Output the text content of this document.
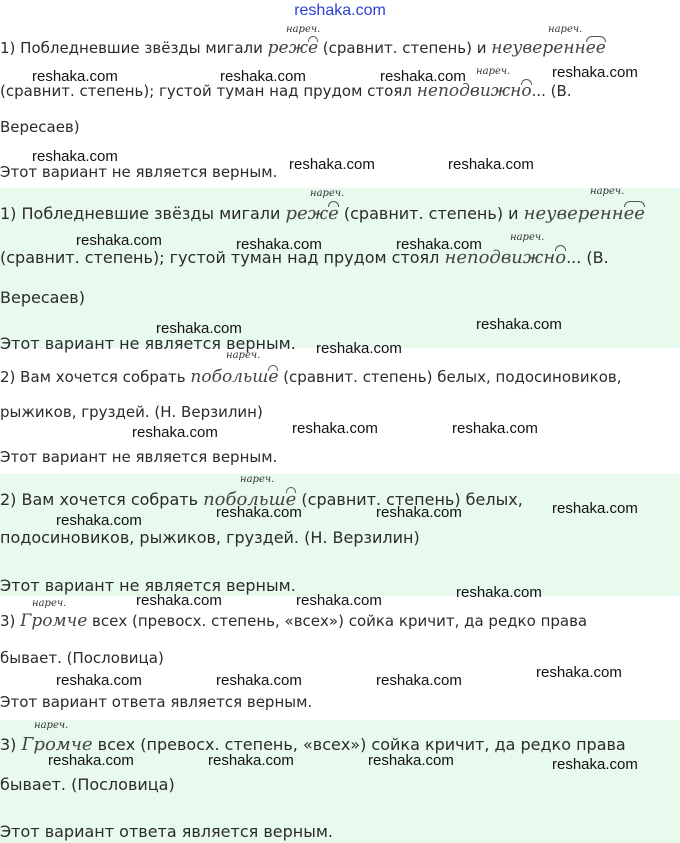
reshaka.com
нареч.	нареч.
1) Побледневшие звёзды мигали реже (сравнит. степень) и неувереннее
нареч.
(сравнит. степень); густой туман над прудом стоял неподвижно... (В.
Вересаев)
Этот вариант не является верным.
нареч.	нареч.
1) Побледневшие звёзды мигали реже (сравнит. степень) и неувереннее
нареч.
(сравнит. степень); густой туман над прудом стоял неподвижно... (В.
Вересаев)
Этот вариант не является верным.
нареч.
2) Вам хочется собрать побольше (сравнит. степень) белых, подосиновиков,
рыжиков, груздей. (Н. Верзилин)
Этот вариант не является верным.
нареч.
2) Вам хочется собрать побольше (сравнит. степень) белых,
подосиновиков, рыжиков, груздей. (Н. Верзилин)
Этот вариант не является верным.
нареч.
3) Громче всех (превосх. степень, «всех») сойка кричит, да редко права
бывает. (Пословица)
Этот вариант ответа является верным.
нареч.
3) Громче всех (превосх. степень, «всех») сойка кричит, да редко права
бывает. (Пословица)
Этот вариант ответа является верным.
reshaka.com	reshaka.com	reshaka.com	reshaka.com
reshaka.com	reshaka.com	reshaka.com
reshaka.com	reshaka.com	reshaka.com
reshaka.com	reshaka.com
reshaka.com
reshaka.com	reshaka.com	reshaka.com
reshaka.com	reshaka.com	reshaka.com	reshaka.com
reshaka.com
reshaka.com	reshaka.com
reshaka.com
reshaka.com	reshaka.com	reshaka.com
reshaka.com	reshaka.com	reshaka.com	reshaka.com
